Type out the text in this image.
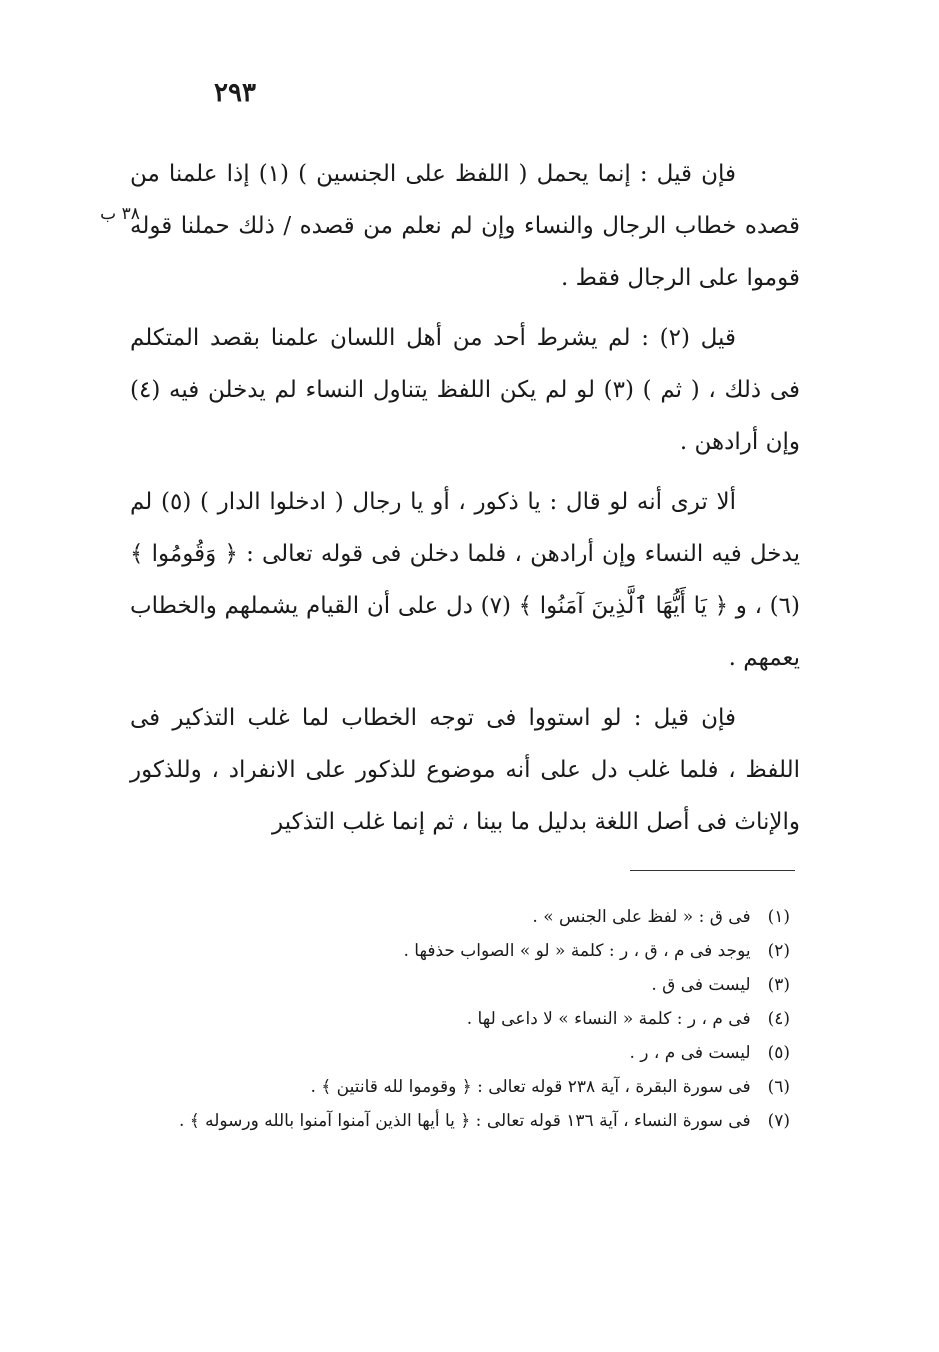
٢٩٣
٣٨ ب

فإن قيل : إنما يحمل ( اللفظ على الجنسين ) (١) إذا علمنا من قصده خطاب الرجال والنساء وإن لم نعلم من قصده / ذلك حملنا قوله قوموا على الرجال فقط .

قيل (٢) : لم يشرط أحد من أهل اللسان علمنا بقصد المتكلم فى ذلك ، ( ثم ) (٣) لو لم يكن اللفظ يتناول النساء لم يدخلن فيه (٤) وإن أرادهن .

ألا ترى أنه لو قال : يا ذكور ، أو يا رجال ( ادخلوا الدار ) (٥) لم يدخل فيه النساء وإن أرادهن ، فلما دخلن فى قوله تعالى : ﴿ وَقُومُوا ﴾ (٦) ، و ﴿ يَا أَيُّهَا ٱلَّذِينَ آمَنُوا ﴾ (٧) دل على أن القيام يشملهم والخطاب يعمهم .

فإن قيل : لو استووا فى توجه الخطاب لما غلب التذكير فى اللفظ ، فلما غلب دل على أنه موضوع للذكور على الانفراد ، وللذكور والإناث فى أصل اللغة بدليل ما بينا ، ثم إنما غلب التذكير

(١) فى ق : « لفظ على الجنس » .

(٢) يوجد فى م ، ق ، ر : كلمة « لو » الصواب حذفها .

(٣) ليست فى ق .

(٤) فى م ، ر : كلمة « النساء » لا داعى لها .

(٥) ليست فى م ، ر .

(٦) فى سورة البقرة ، آية ٢٣٨ قوله تعالى : ﴿ وقوموا لله قانتين ﴾ .

(٧) فى سورة النساء ، آية ١٣٦ قوله تعالى : ﴿ يا أيها الذين آمنوا آمنوا بالله ورسوله ﴾ .
